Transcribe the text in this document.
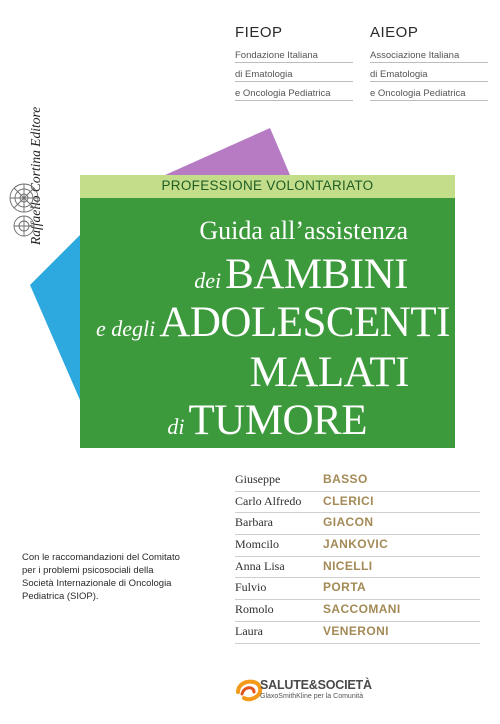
Raffaello Cortina Editore
FIEOP
Fondazione Italiana
di Ematologia
e Oncologia Pediatrica
AIEOP
Associazione Italiana
di Ematologia
e Oncologia Pediatrica
PROFESSIONE VOLONTARIATO
Guida all’assistenza
dei BAMBINI
e degli ADOLESCENTI
MALATI
di TUMORE
Giuseppe	BASSO
Carlo Alfredo CLERICI
Barbara	GIACON
Momcilo	JANKOVIC
Anna Lisa	NICELLI
Fulvio	PORTA
Romolo	SACCOMANI
Laura	VENERONI
Con le raccomandazioni del Comitato per i problemi psicosociali della Società Internazionale di Oncologia Pediatrica (SIOP).
SALUTE&SOCIETÀ
GlaxoSmithKline per la Comunità
